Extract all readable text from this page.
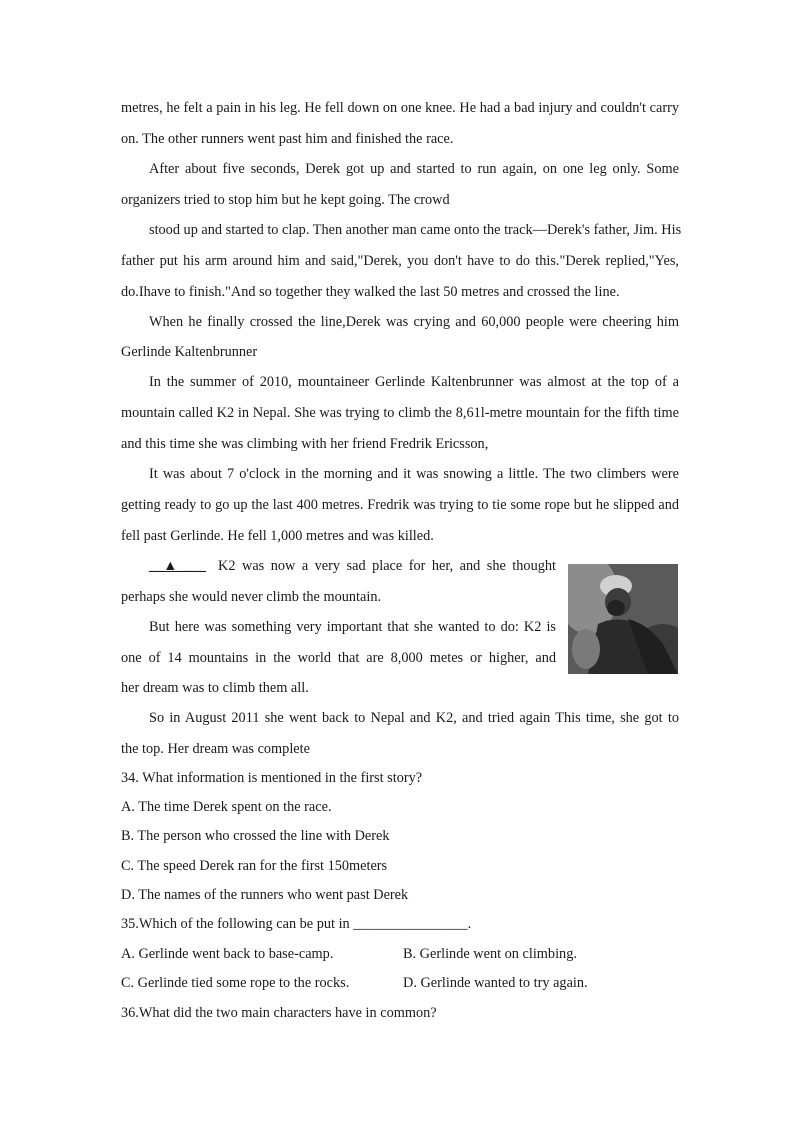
metres, he felt a pain in his leg. He fell down on one knee. He had a bad injury and couldn't carry
on. The other runners went past him and finished the race.
After about five seconds, Derek got up and started to run again, on one leg only. Some
organizers tried to stop him but he kept going. The crowd
stood up and started to clap. Then another man came onto the track—Derek's father, Jim. His
father put his arm around him and said,"Derek, you don't have to do this."Derek replied,"Yes,
do.Ihave to finish."And so together they walked the last 50 metres and crossed the line.
When he finally crossed the line,Derek was crying and 60,000 people were cheering him
Gerlinde Kaltenbrunner
In the summer of 2010, mountaineer Gerlinde Kaltenbrunner was almost at the top of a
mountain called K2 in Nepal. She was trying to climb the 8,61l-metre mountain for the fifth time
and this time she was climbing with her friend Fredrik Ericsson,
It was about 7 o'clock in the morning and it was snowing a little. The two climbers were
getting ready to go up the last 400 metres. Fredrik was trying to tie some rope but he slipped and
fell past Gerlinde. He fell 1,000 metres and was killed.
__▲____ K2 was now a very sad place for her, and she thought
perhaps she would never climb the mountain.
But here was something very important that she wanted to do: K2 is
one of 14 mountains in the world that are 8,000 metes or higher, and
her dream was to climb them all.
So in August 2011 she went back to Nepal and K2, and tried again This time, she got to
the top. Her dream was complete
34. What information is mentioned in the first story?
A. The time Derek spent on the race.
B. The person who crossed the line with Derek
C. The speed Derek ran for the first 150meters
D. The names of the runners who went past Derek
35.Which of the following can be put in ________________.
A. Gerlinde went back to base-camp.	B. Gerlinde went on climbing.
C. Gerlinde tied some rope to the rocks.	D. Gerlinde wanted to try again.
36.What did the two main characters have in common?
